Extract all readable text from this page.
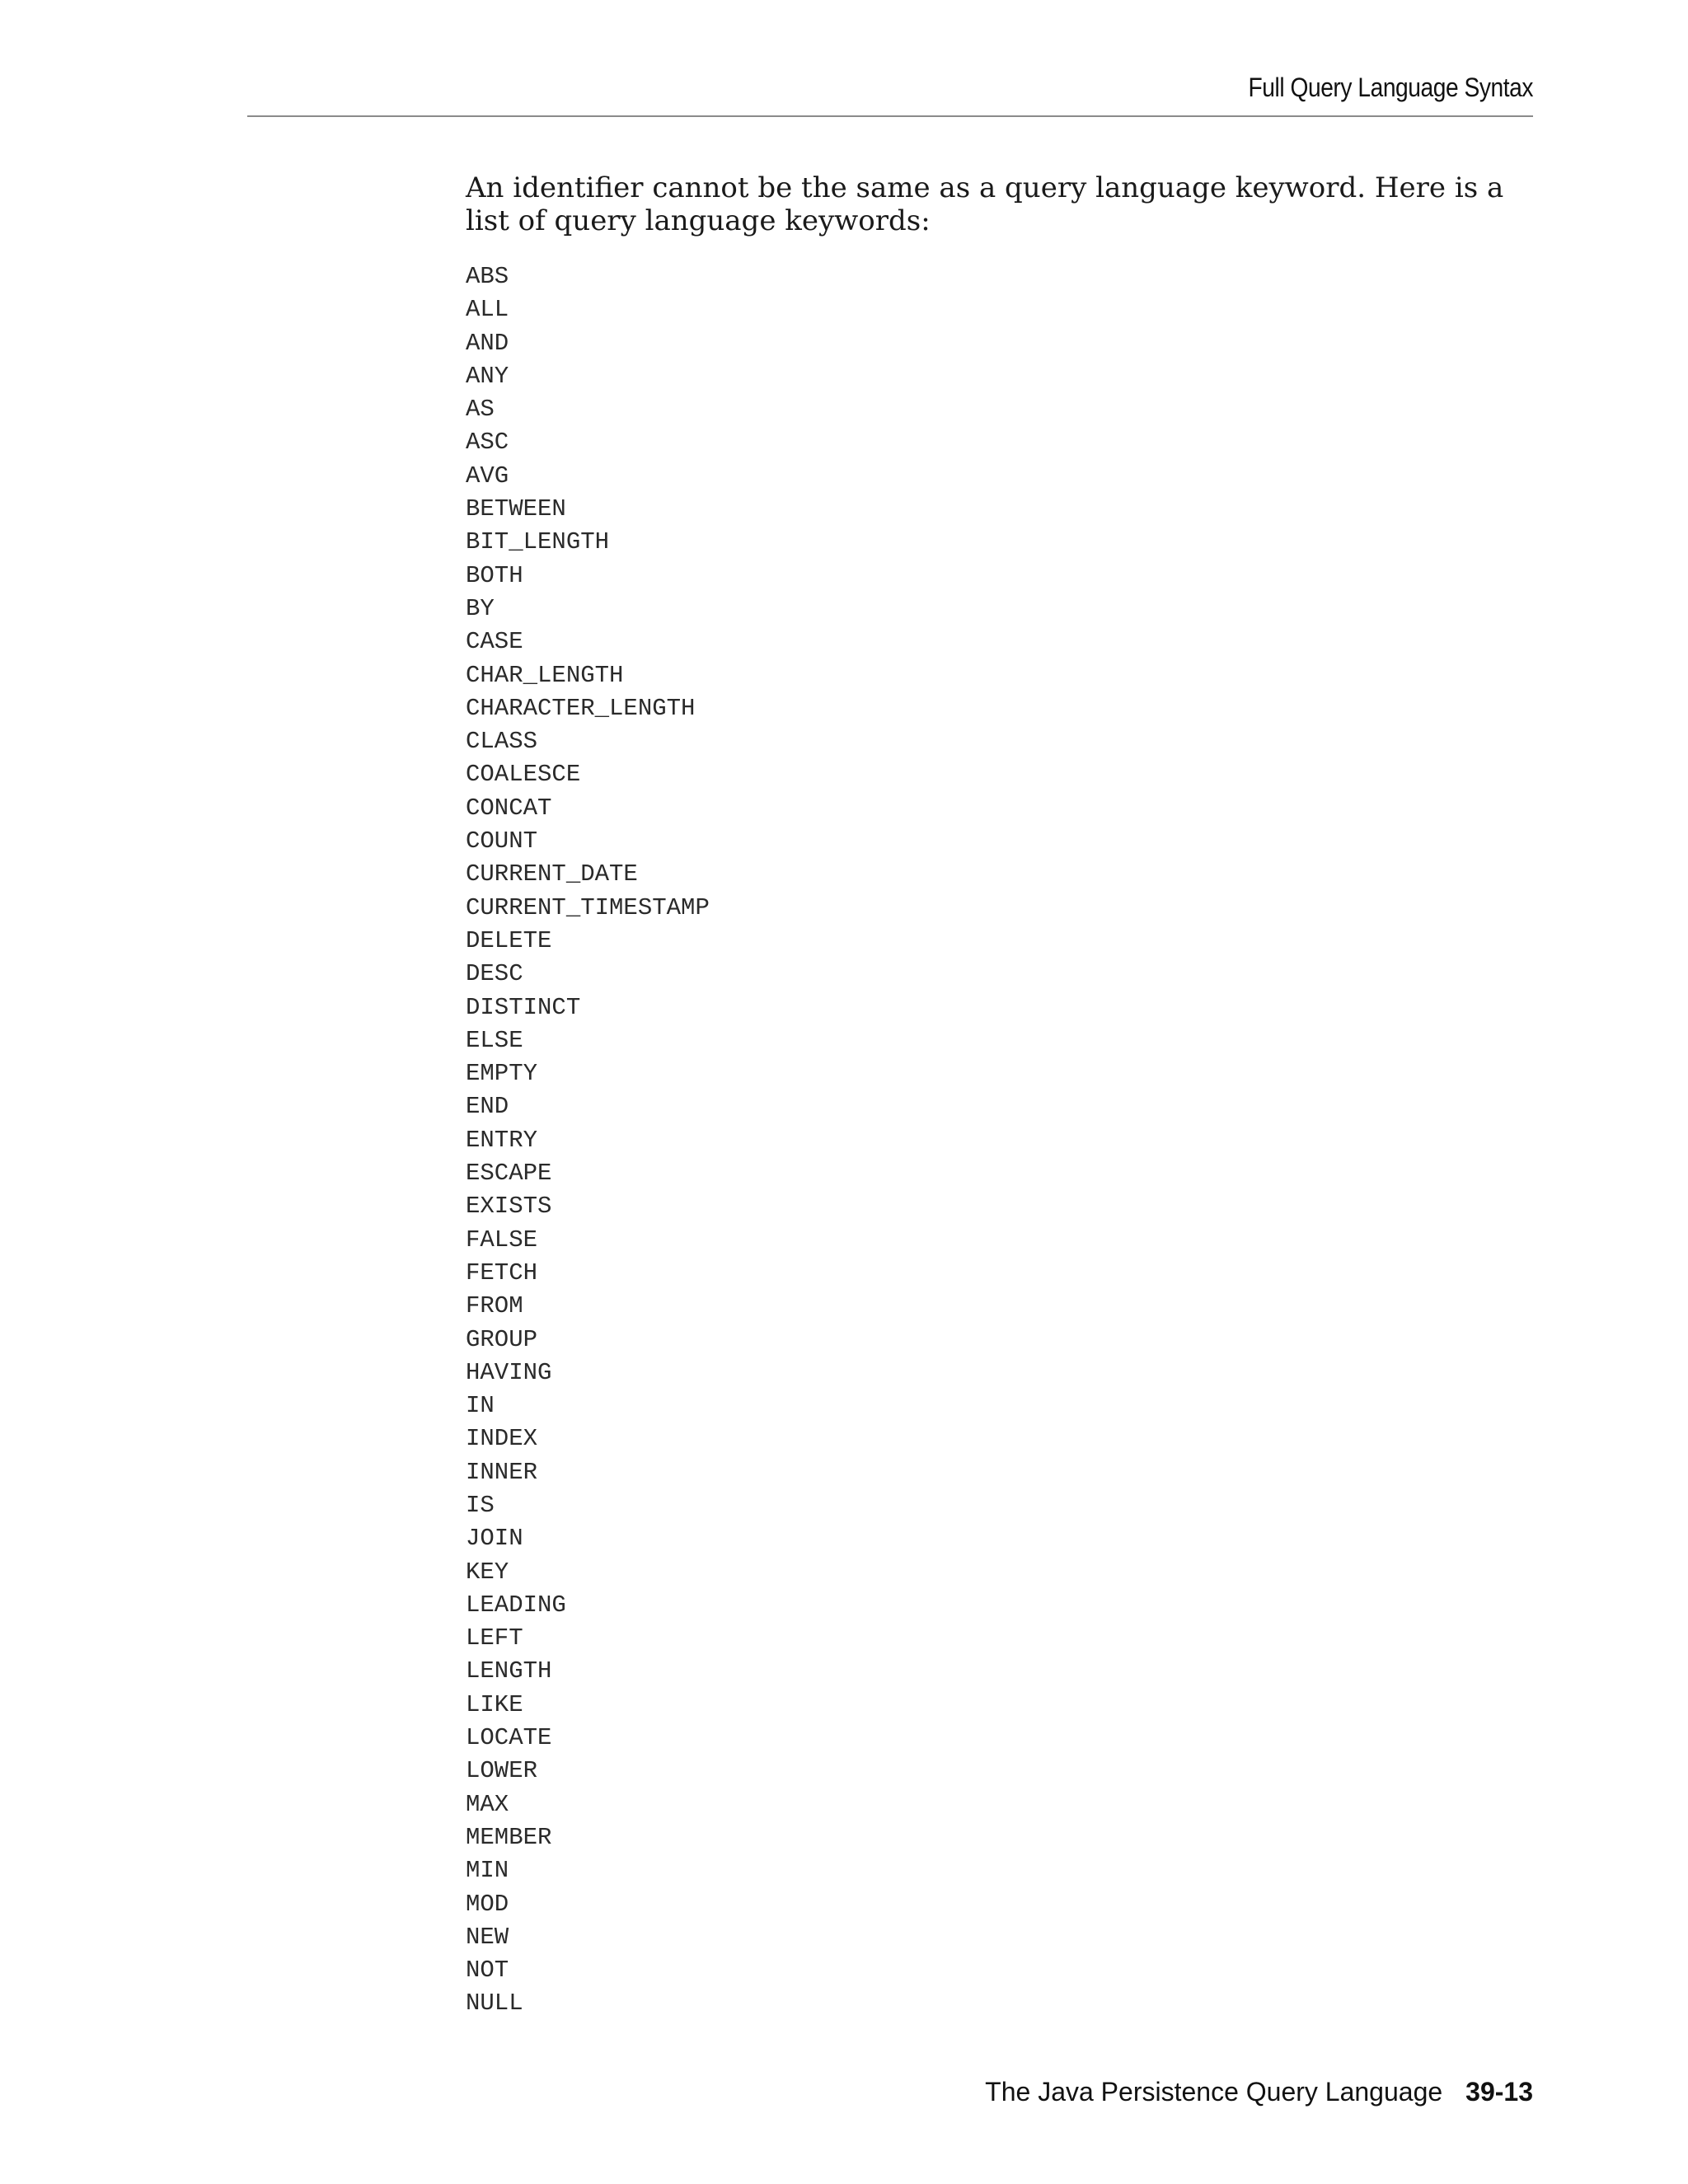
Full Query Language Syntax

An identifier cannot be the same as a query language keyword. Here is a list of query language keywords:

ABS
ALL
AND
ANY
AS
ASC
AVG
BETWEEN
BIT_LENGTH
BOTH
BY
CASE
CHAR_LENGTH
CHARACTER_LENGTH
CLASS
COALESCE
CONCAT
COUNT
CURRENT_DATE
CURRENT_TIMESTAMP
DELETE
DESC
DISTINCT
ELSE
EMPTY
END
ENTRY
ESCAPE
EXISTS
FALSE
FETCH
FROM
GROUP
HAVING
IN
INDEX
INNER
IS
JOIN
KEY
LEADING
LEFT
LENGTH
LIKE
LOCATE
LOWER
MAX
MEMBER
MIN
MOD
NEW
NOT
NULL
The Java Persistence Query Language 39-13
